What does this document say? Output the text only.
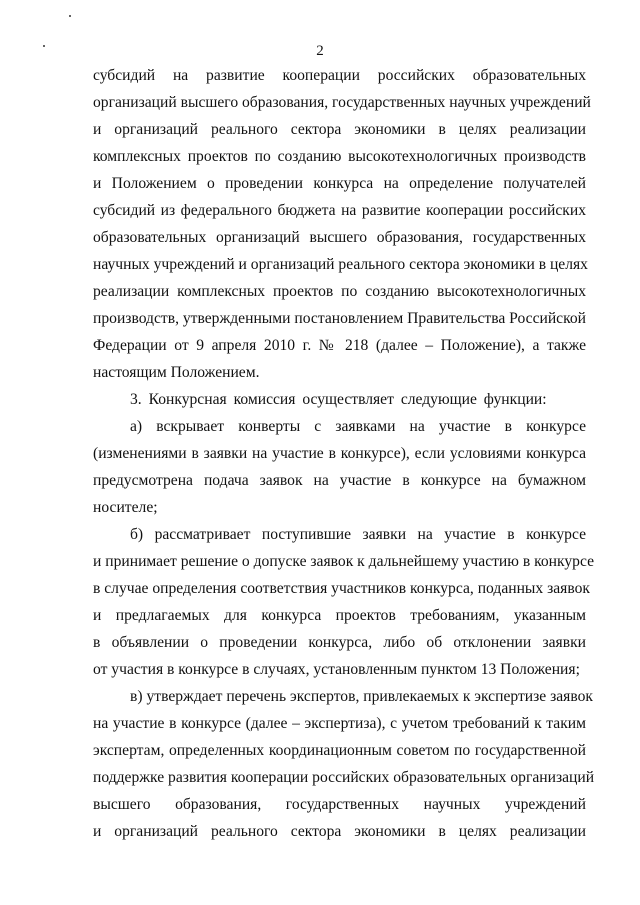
2
субсидий на развитие кооперации российских образовательных
организаций высшего образования, государственных научных учреждений
и организаций реального сектора экономики в целях реализации
комплексных проектов по созданию высокотехнологичных производств
и Положением о проведении конкурса на определение получателей
субсидий из федерального бюджета на развитие кооперации российских
образовательных организаций высшего образования, государственных
научных учреждений и организаций реального сектора экономики в целях
реализации комплексных проектов по созданию высокотехнологичных
производств, утвержденными постановлением Правительства Российской
Федерации от 9 апреля 2010 г. № 218 (далее – Положение), а также
настоящим Положением.
3. Конкурсная комиссия осуществляет следующие функции:
а) вскрывает конверты с заявками на участие в конкурсе
(изменениями в заявки на участие в конкурсе), если условиями конкурса
предусмотрена подача заявок на участие в конкурсе на бумажном
носителе;
б) рассматривает поступившие заявки на участие в конкурсе
и принимает решение о допуске заявок к дальнейшему участию в конкурсе
в случае определения соответствия участников конкурса, поданных заявок
и предлагаемых для конкурса проектов требованиям, указанным
в объявлении о проведении конкурса, либо об отклонении заявки
от участия в конкурсе в случаях, установленным пунктом 13 Положения;
в) утверждает перечень экспертов, привлекаемых к экспертизе заявок
на участие в конкурсе (далее – экспертиза), с учетом требований к таким
экспертам, определенных координационным советом по государственной
поддержке развития кооперации российских образовательных организаций
высшего образования, государственных научных учреждений
и организаций реального сектора экономики в целях реализации
